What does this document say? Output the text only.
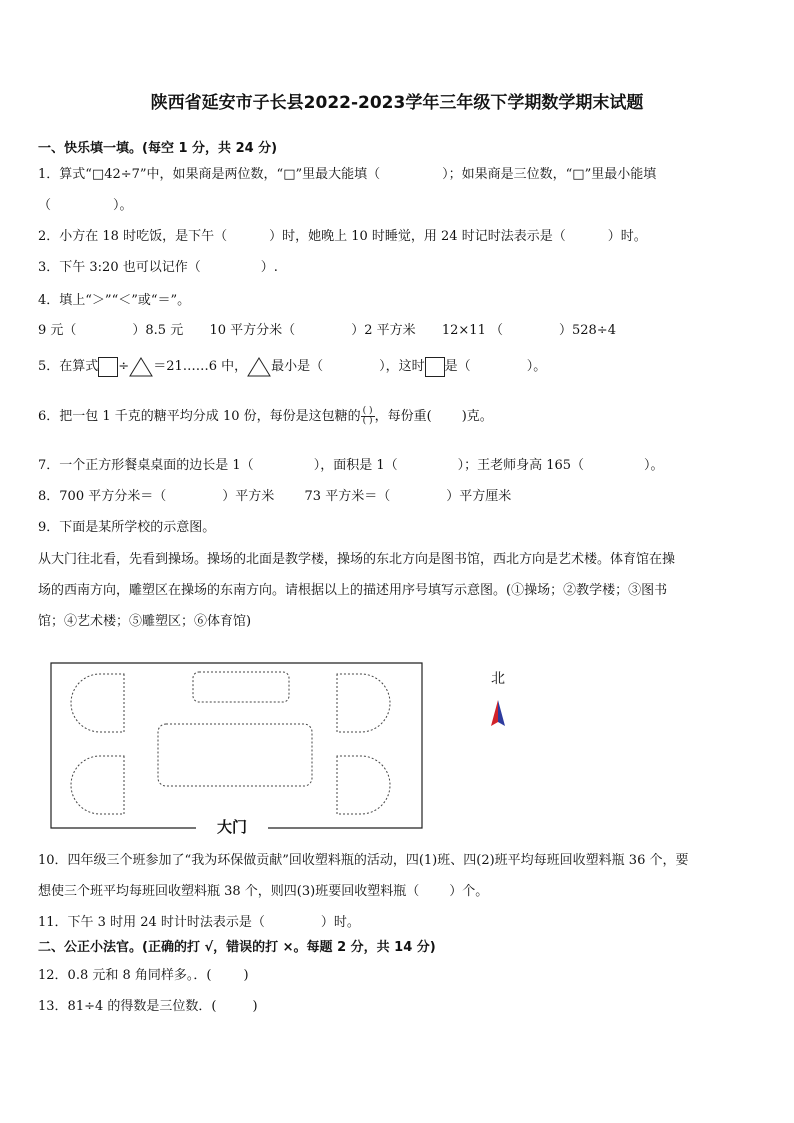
陕西省延安市子长县2022-2023学年三年级下学期数学期末试题
一、快乐填一填。(每空 1 分，共 24 分)
1．算式“□42÷7”中，如果商是两位数，“□”里最大能填（	）；如果商是三位数，“□”里最小能填
（	）。
2．小方在 18 时吃饭，是下午（	）时，她晚上 10 时睡觉，用 24 时记时法表示是（	）时。
3．下午 3:20 也可以记作（	）.
4．填上“＞”“＜”或“＝”。
9 元（	）8.5 元 10 平方分米（	）2 平方米 12×11 （	）528÷4
5．在算式 ÷ ＝21……6 中， 最小是（	），这时 是（	）。
6．把一包 1 千克的糖平均分成 10 份，每份是这包糖的$\frac{( )}{( )}$，每份重( )克。
7．一个正方形餐桌桌面的边长是 1（	），面积是 1（	）；王老师身高 165（	）。
8．700 平方分米＝（	）平方米 73 平方米＝（	）平方厘米
9．下面是某所学校的示意图。
从大门往北看，先看到操场。操场的北面是教学楼，操场的东北方向是图书馆，西北方向是艺术楼。体育馆在操
场的西南方向，雕塑区在操场的东南方向。请根据以上的描述用序号填写示意图。(①操场；②教学楼；③图书
馆；④艺术楼；⑤雕塑区；⑥体育馆)
大门
北
10．四年级三个班参加了“我为环保做贡献”回收塑料瓶的活动，四(1)班、四(2)班平均每班回收塑料瓶 36 个，要
想使三个班平均每班回收塑料瓶 38 个，则四(3)班要回收塑料瓶（ ）个。
11．下午 3 时用 24 时计时法表示是（	）时。
二、公正小法官。(正确的打 √，错误的打 ×。每题 2 分，共 14 分)
12．0.8 元和 8 角同样多。．( )
13．81÷4 的得数是三位数．(	)
